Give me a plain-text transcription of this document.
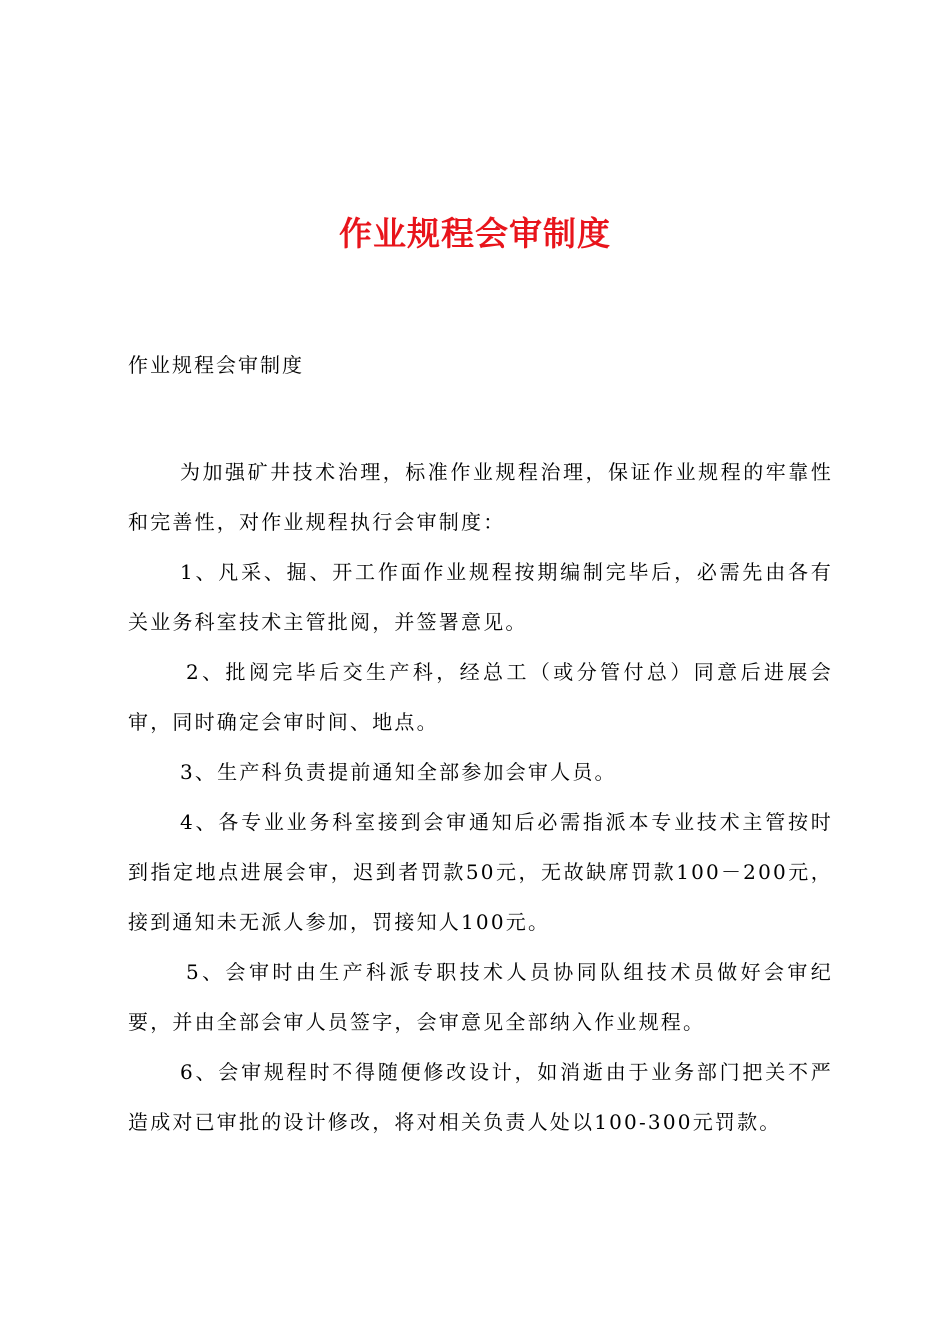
作业规程会审制度

作业规程会审制度

为加强矿井技术治理，标准作业规程治理，保证作业规程的牢靠性和完善性，对作业规程执行会审制度：

1、凡采、掘、开工作面作业规程按期编制完毕后，必需先由各有关业务科室技术主管批阅，并签署意见。

2、批阅完毕后交生产科，经总工（或分管付总）同意后进展会审，同时确定会审时间、地点。

3、生产科负责提前通知全部参加会审人员。

4、各专业业务科室接到会审通知后必需指派本专业技术主管按时到指定地点进展会审，迟到者罚款50元，无故缺席罚款100－200元，接到通知未无派人参加，罚接知人100元。

5、会审时由生产科派专职技术人员协同队组技术员做好会审纪要，并由全部会审人员签字，会审意见全部纳入作业规程。

6、会审规程时不得随便修改设计，如消逝由于业务部门把关不严造成对已审批的设计修改，将对相关负责人处以100-300元罚款。
